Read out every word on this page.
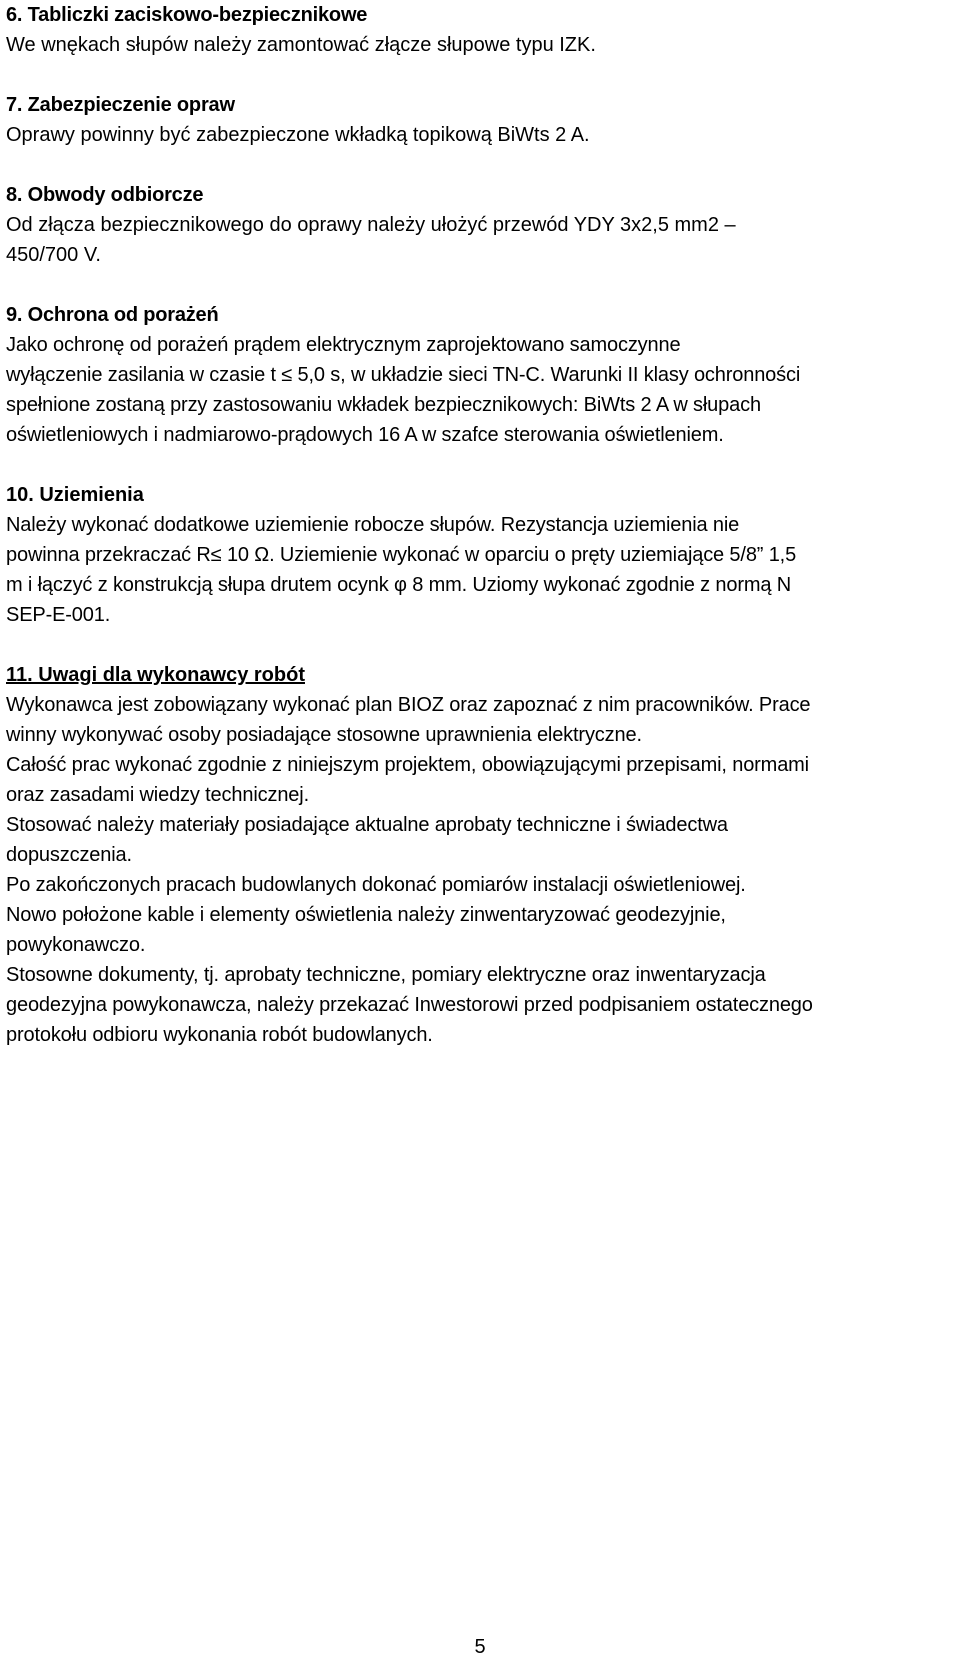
6. Tabliczki zaciskowo-bezpiecznikowe
We wnękach słupów należy zamontować złącze słupowe typu IZK.
7. Zabezpieczenie opraw
Oprawy powinny być zabezpieczone wkładką topikową BiWts 2 A.
8. Obwody odbiorcze
Od złącza bezpiecznikowego do oprawy należy ułożyć przewód YDY 3x2,5 mm2 –
450/700 V.
9. Ochrona od porażeń
Jako ochronę od porażeń prądem elektrycznym zaprojektowano samoczynne
wyłączenie zasilania w czasie t ≤ 5,0 s, w układzie sieci TN-C. Warunki II klasy ochronności
spełnione zostaną przy zastosowaniu wkładek bezpiecznikowych: BiWts 2 A w słupach
oświetleniowych i nadmiarowo-prądowych 16 A w szafce sterowania oświetleniem.
10. Uziemienia
Należy wykonać dodatkowe uziemienie robocze słupów. Rezystancja uziemienia nie
powinna przekraczać R≤ 10 Ω. Uziemienie wykonać w oparciu o pręty uziemiające 5/8” 1,5
m i łączyć z konstrukcją słupa drutem ocynk φ 8 mm. Uziomy wykonać zgodnie z normą N
SEP-E-001.
11. Uwagi dla wykonawcy robót
Wykonawca jest zobowiązany wykonać plan BIOZ oraz zapoznać z nim pracowników. Prace
winny wykonywać osoby posiadające stosowne uprawnienia elektryczne.
Całość prac wykonać zgodnie z niniejszym projektem, obowiązującymi przepisami, normami
oraz zasadami wiedzy technicznej.
Stosować należy materiały posiadające aktualne aprobaty techniczne i świadectwa
dopuszczenia.
Po zakończonych pracach budowlanych dokonać pomiarów instalacji oświetleniowej.
Nowo położone kable i elementy oświetlenia należy zinwentaryzować geodezyjnie,
powykonawczo.
Stosowne dokumenty, tj. aprobaty techniczne, pomiary elektryczne oraz inwentaryzacja
geodezyjna powykonawcza, należy przekazać Inwestorowi przed podpisaniem ostatecznego
protokołu odbioru wykonania robót budowlanych.
5
